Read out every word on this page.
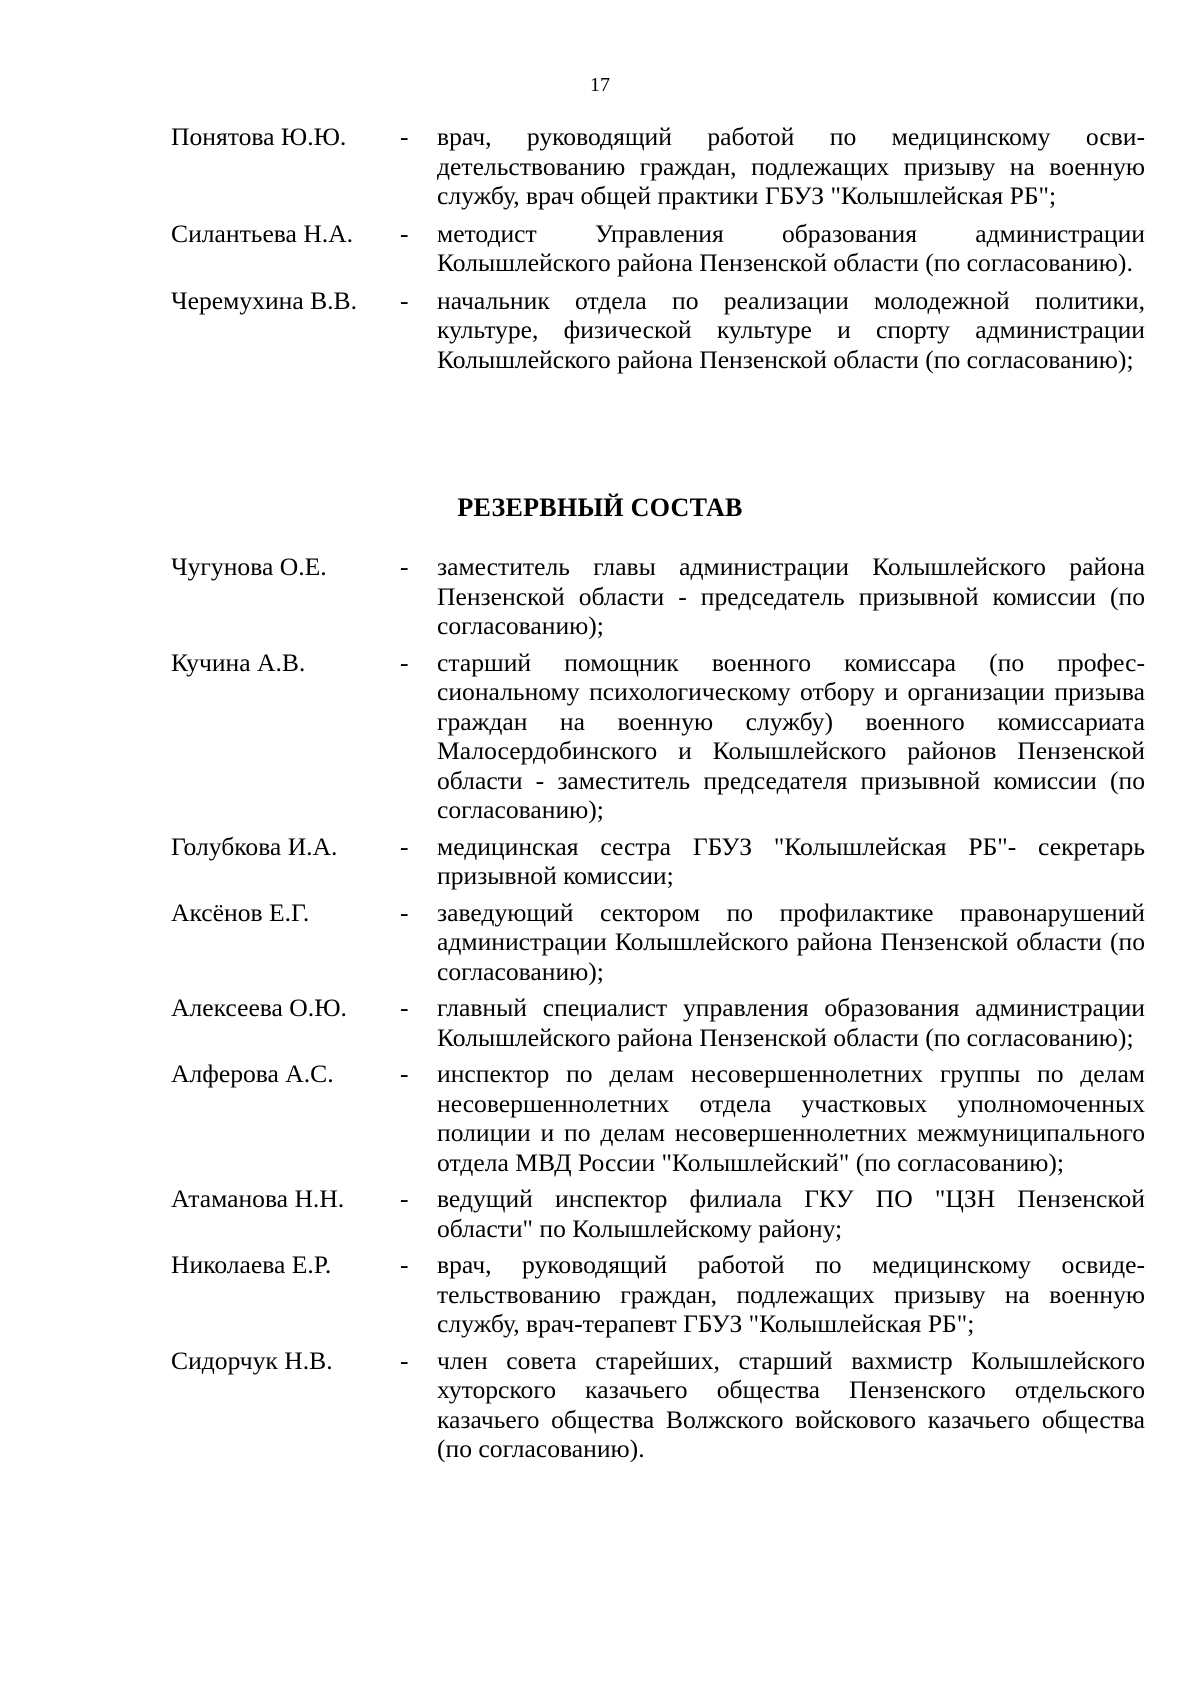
17
Понятова Ю.Ю. - врач, руководящий работой по медицинскому освидетельствованию граждан, подлежащих призыву на военную службу, врач общей практики ГБУЗ "Колышлейская РБ";
Силантьева Н.А. - методист Управления образования администрации Колышлейского района Пензенской области (по согласованию).
Черемухина В.В. - начальник отдела по реализации молодежной политики, культуре, физической культуре и спорту администрации Колышлейского района Пензенской области (по согласованию);
РЕЗЕРВНЫЙ СОСТАВ
Чугунова О.Е.	- заместитель главы администрации Колышлейского района Пензенской области - председатель призывной комиссии (по согласованию);
Кучина А.В.	- старший помощник военного комиссара (по профессиональному психологическому отбору и организации призыва граждан на военную службу) военного комиссариата Малосердобинского и Колышлейского районов Пензенской области - заместитель председателя призывной комиссии (по согласованию);
Голубкова И.А. - медицинская сестра ГБУЗ "Колышлейская РБ"- секретарь призывной комиссии;
Аксёнов Е.Г.	- заведующий сектором по профилактике правонарушений администрации Колышлейского района Пензенской области (по согласованию);
Алексеева О.Ю. - главный специалист управления образования администрации Колышлейского района Пензенской области (по согласованию);
Алферова А.С.	- инспектор по делам несовершеннолетних группы по делам несовершеннолетних отдела участковых уполномоченных полиции и по делам несовершеннолетних межмуниципального отдела МВД России "Колышлейский" (по согласованию);
Атаманова Н.Н. - ведущий инспектор филиала ГКУ ПО "ЦЗН Пензенской области" по Колышлейскому району;
Николаева Е.Р.	- врач, руководящий работой по медицинскому освидетельствованию граждан, подлежащих призыву на военную службу, врач-терапевт ГБУЗ "Колышлейская РБ";
Сидорчук Н.В.	- член совета старейших, старший вахмистр Колышлейского хуторского казачьего общества Пензенского отдельского казачьего общества Волжского войскового казачьего общества (по согласованию).
